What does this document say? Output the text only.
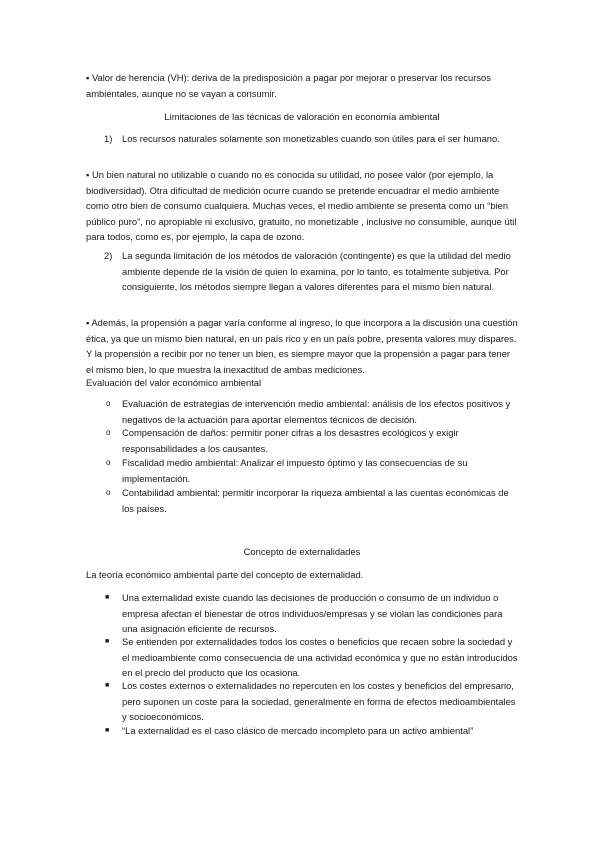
▪ Valor de herencia (VH): deriva de la predisposición a pagar por mejorar o preservar los recursos ambientales, aunque no se vayan a consumir.
Limitaciones de las técnicas de valoración en economía ambiental
1)	Los recursos naturales solamente son monetizables cuando son útiles para el ser humano.
▪ Un bien natural no utilizable o cuando no es conocida su utilidad, no posee valor (por ejemplo, la biodiversidad). Otra dificultad de medición ocurre cuando se pretende encuadrar el medio ambiente como otro bien de consumo cualquiera. Muchas veces, el medio ambiente se presenta como un “bien público puro”, no apropiable ni exclusivo, gratuito, no monetizable , inclusive no consumible, aunque útil para todos, como es, por ejemplo, la capa de ozono.
2)	La segunda limitación de los métodos de valoración (contingente) es que la utilidad del medio ambiente depende de la visión de quien lo examina, por lo tanto, es totalmente subjetiva. Por consiguiente, los métodos siempre llegan a valores diferentes para el mismo bien natural.
▪ Además, la propensión a pagar varía conforme al ingreso, lo que incorpora a la discusión una cuestión ética, ya que un mismo bien natural, en un país rico y en un país pobre, presenta valores muy dispares. Y la propensión a recibir por no tener un bien, es siempre mayor que la propensión a pagar para tener el mismo bien, lo que muestra la inexactitud de ambas mediciones.
Evaluación del valor económico ambiental
o	Evaluación de estrategias de intervención medio ambiental: análisis de los efectos positivos y negativos de la actuación para aportar elementos técnicos de decisión.
o	Compensación de daños: permitir poner cifras a los desastres ecológicos y exigir responsabilidades a los causantes.
o	Fiscalidad medio ambiental: Analizar el impuesto óptimo y las consecuencias de su implementación.
o	Contabilidad ambiental: permitir incorporar la riqueza ambiental a las cuentas económicas de los países.
Concepto de externalidades
La teoría económico ambiental parte del concepto de externalidad.
■	Una externalidad existe cuando las decisiones de producción o consumo de un individuo o empresa afectan el bienestar de otros individuos/empresas y se violan las condiciones para una asignación eficiente de recursos.
■	Se entienden por externalidades todos los costes o beneficios que recaen sobre la sociedad y el medioambiente como consecuencia de una actividad económica y que no están introducidos en el precio del producto que los ocasiona.
■	Los costes externos o externalidades no repercuten en los costes y beneficios del empresario, pero suponen un coste para la sociedad, generalmente en forma de efectos medioambientales y socioeconómicos.
■	“La externalidad es el caso clásico de mercado incompleto para un activo ambiental”
